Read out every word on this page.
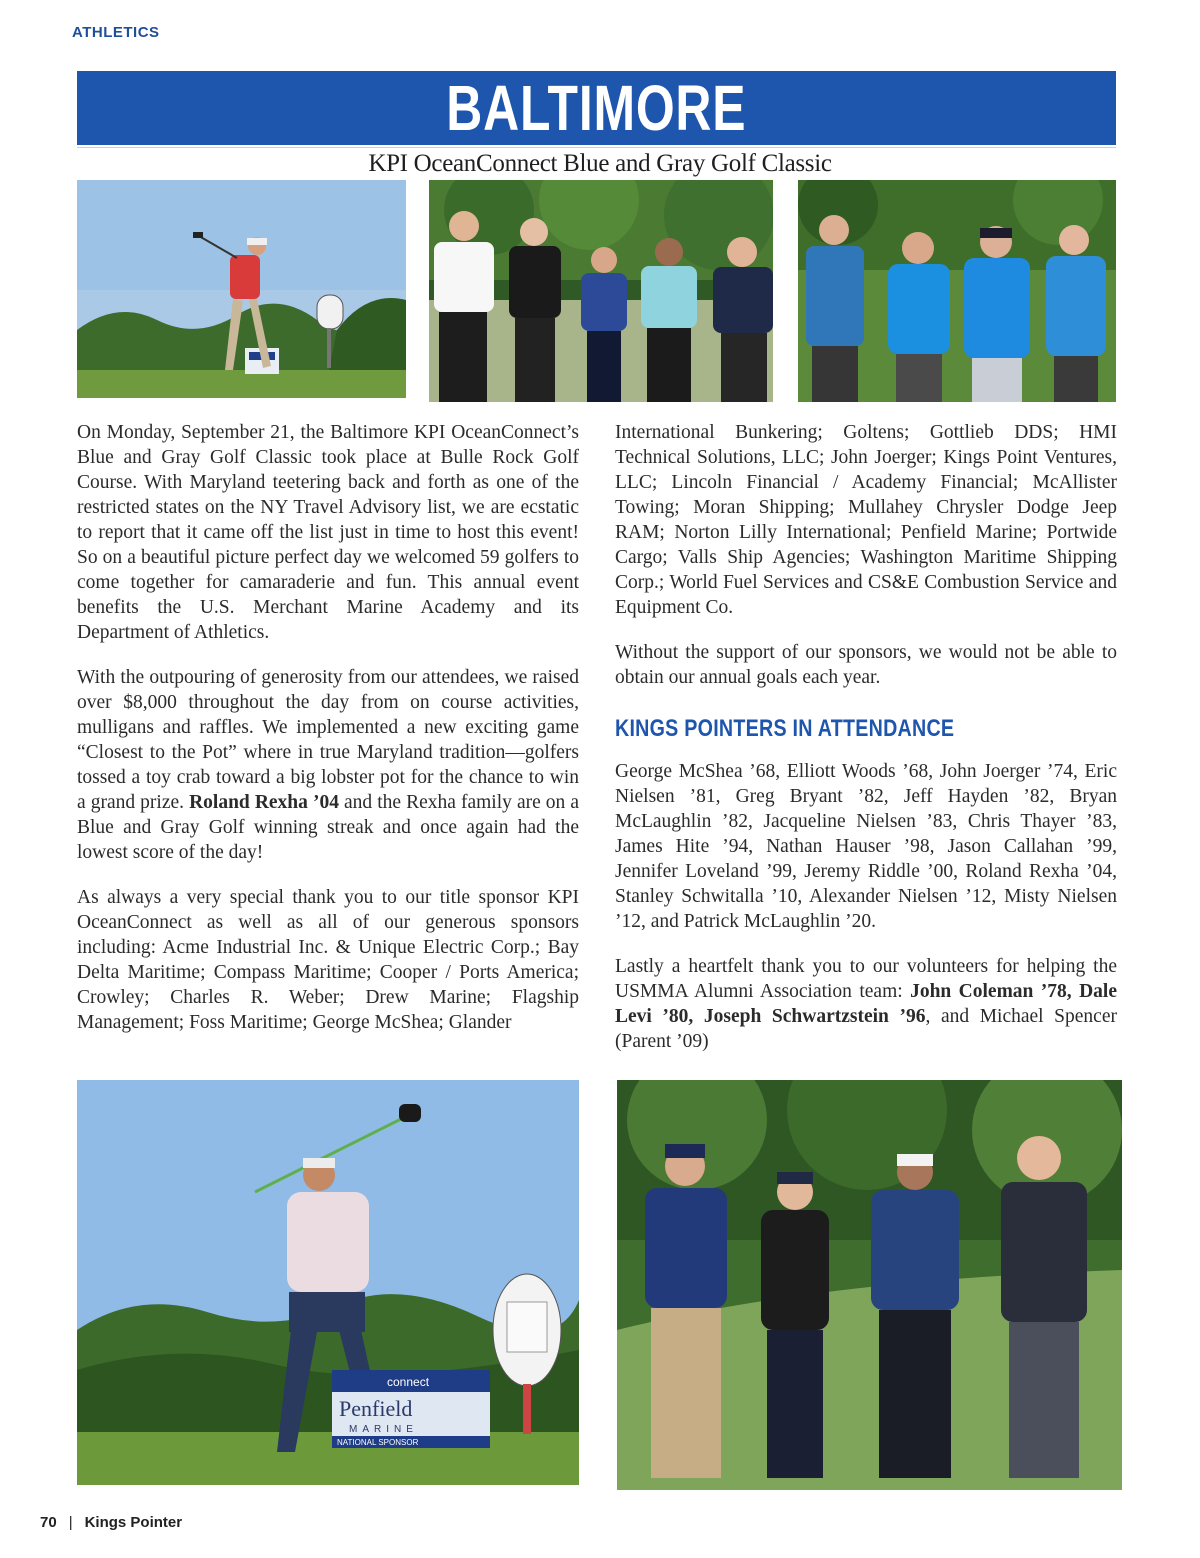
ATHLETICS
BALTIMORE
KPI OceanConnect Blue and Gray Golf Classic

On Monday, September 21, the Baltimore KPI OceanConnect’s Blue and Gray Golf Classic took place at Bulle Rock Golf Course. With Maryland teetering back and forth as one of the restricted states on the NY Travel Advisory list, we are ecstatic to report that it came off the list just in time to host this event! So on a beautiful picture perfect day we welcomed 59 golfers to come together for camaraderie and fun. This annual event benefits the U.S. Merchant Marine Academy and its Department of Athletics.

With the outpouring of generosity from our attendees, we raised over $8,000 throughout the day from on course activities, mulligans and raffles. We implemented a new exciting game “Closest to the Pot” where in true Maryland tradition—golfers tossed a toy crab toward a big lobster pot for the chance to win a grand prize. Roland Rexha ’04 and the Rexha family are on a Blue and Gray Golf winning streak and once again had the lowest score of the day!

As always a very special thank you to our title sponsor KPI OceanConnect as well as all of our generous sponsors including: Acme Industrial Inc. & Unique Electric Corp.; Bay Delta Maritime; Compass Maritime; Cooper / Ports America; Crowley; Charles R. Weber; Drew Marine; Flagship Management; Foss Maritime; George McShea; Glander

International Bunkering; Goltens; Gottlieb DDS; HMI Technical Solutions, LLC; John Joerger; Kings Point Ventures, LLC; Lincoln Financial / Academy Financial; McAllister Towing; Moran Shipping; Mullahey Chrysler Dodge Jeep RAM; Norton Lilly International; Penfield Marine; Portwide Cargo; Valls Ship Agencies; Washington Maritime Shipping Corp.; World Fuel Services and CS&E Combustion Service and Equipment Co.

Without the support of our sponsors, we would not be able to obtain our annual goals each year.

KINGS POINTERS IN ATTENDANCE

George McShea ’68, Elliott Woods ’68, John Joerger ’74, Eric Nielsen ’81, Greg Bryant ’82, Jeff Hayden ’82, Bryan McLaughlin ’82, Jacqueline Nielsen ’83, Chris Thayer ’83, James Hite ’94, Nathan Hauser ’98, Jason Callahan ’99, Jennifer Loveland ’99, Jeremy Riddle ’00, Roland Rexha ’04, Stanley Schwitalla ’10, Alexander Nielsen ’12, Misty Nielsen ’12, and Patrick McLaughlin ’20.

Lastly a heartfelt thank you to our volunteers for helping the USMMA Alumni Association team: John Coleman ’78, Dale Levi ’80, Joseph Schwartzstein ’96, and Michael Spencer (Parent ’09)

connect
Penfield
MARINE
NATIONAL SPONSOR
70 | Kings Pointer
